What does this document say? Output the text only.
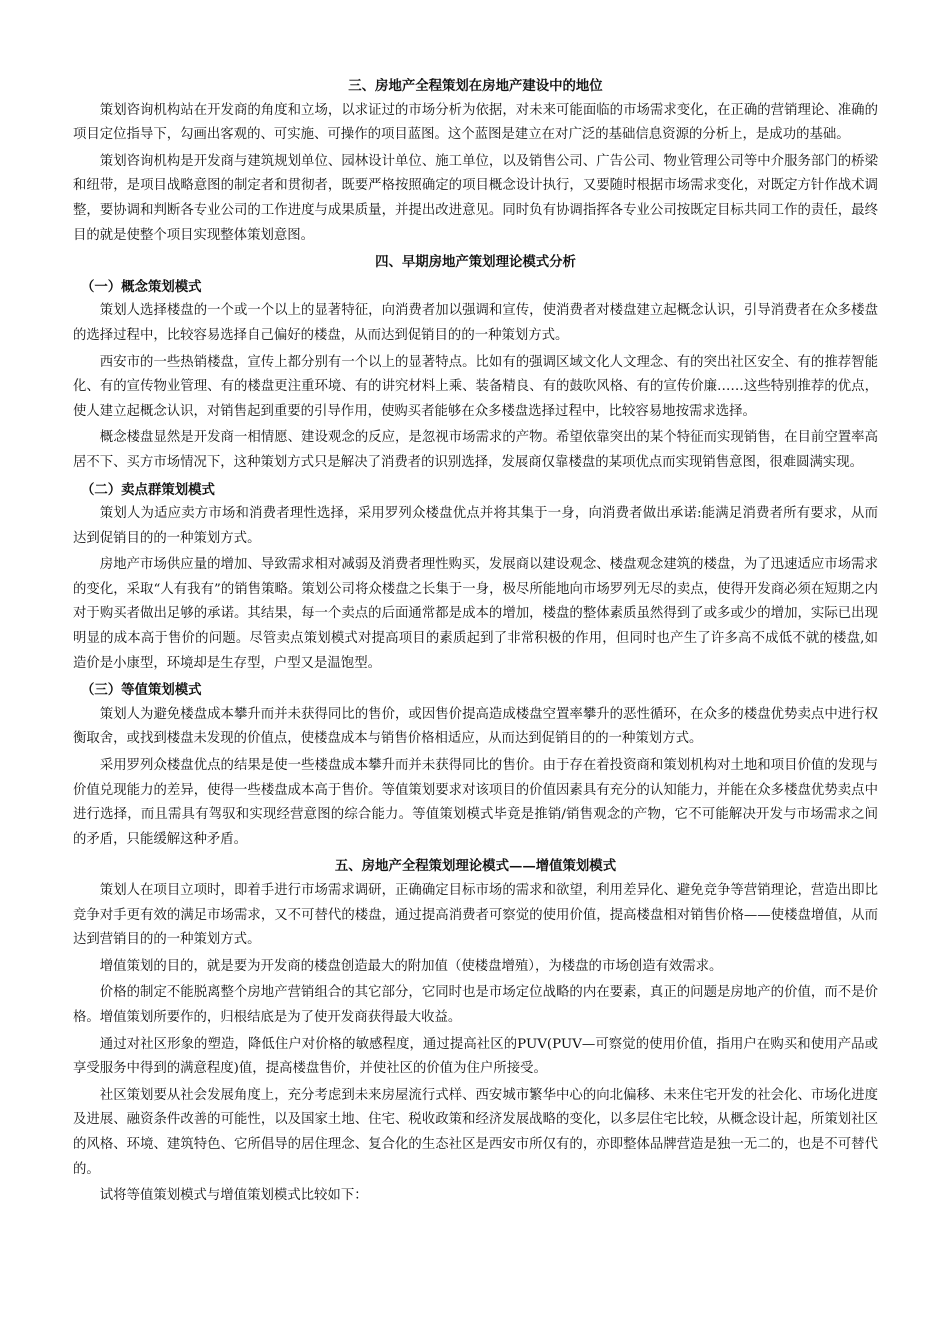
三、房地产全程策划在房地产建设中的地位

策划咨询机构站在开发商的角度和立场，以求证过的市场分析为依据，对未来可能面临的市场需求变化，在正确的营销理论、准确的项目定位指导下，勾画出客观的、可实施、可操作的项目蓝图。这个蓝图是建立在对广泛的基础信息资源的分析上，是成功的基础。

策划咨询机构是开发商与建筑规划单位、园林设计单位、施工单位，以及销售公司、广告公司、物业管理公司等中介服务部门的桥梁和纽带，是项目战略意图的制定者和贯彻者，既要严格按照确定的项目概念设计执行，又要随时根据市场需求变化，对既定方针作战术调整，要协调和判断各专业公司的工作进度与成果质量，并提出改进意见。同时负有协调指挥各专业公司按既定目标共同工作的责任，最终目的就是使整个项目实现整体策划意图。

四、早期房地产策划理论模式分析
（一）概念策划模式

策划人选择楼盘的一个或一个以上的显著特征，向消费者加以强调和宣传，使消费者对楼盘建立起概念认识，引导消费者在众多楼盘的选择过程中，比较容易选择自己偏好的楼盘，从而达到促销目的的一种策划方式。

西安市的一些热销楼盘，宣传上都分别有一个以上的显著特点。比如有的强调区域文化人文理念、有的突出社区安全、有的推荐智能化、有的宣传物业管理、有的楼盘更注重环境、有的讲究材料上乘、装备精良、有的鼓吹风格、有的宣传价廉……这些特别推荐的优点，使人建立起概念认识，对销售起到重要的引导作用，使购买者能够在众多楼盘选择过程中，比较容易地按需求选择。

概念楼盘显然是开发商一相情愿、建设观念的反应，是忽视市场需求的产物。希望依靠突出的某个特征而实现销售，在目前空置率高居不下、买方市场情况下，这种策划方式只是解决了消费者的识别选择，发展商仅靠楼盘的某项优点而实现销售意图，很难圆满实现。

（二）卖点群策划模式

策划人为适应卖方市场和消费者理性选择，采用罗列众楼盘优点并将其集于一身，向消费者做出承诺:能满足消费者所有要求，从而达到促销目的的一种策划方式。

房地产市场供应量的增加、导致需求相对减弱及消费者理性购买，发展商以建设观念、楼盘观念建筑的楼盘，为了迅速适应市场需求的变化，采取“人有我有”的销售策略。策划公司将众楼盘之长集于一身，极尽所能地向市场罗列无尽的卖点，使得开发商必须在短期之内对于购买者做出足够的承诺。其结果，每一个卖点的后面通常都是成本的增加，楼盘的整体素质虽然得到了或多或少的增加，实际已出现明显的成本高于售价的问题。尽管卖点策划模式对提高项目的素质起到了非常积极的作用，但同时也产生了许多高不成低不就的楼盘,如造价是小康型，环境却是生存型，户型又是温饱型。

（三）等值策划模式

策划人为避免楼盘成本攀升而并未获得同比的售价，或因售价提高造成楼盘空置率攀升的恶性循环，在众多的楼盘优势卖点中进行权衡取舍，或找到楼盘未发现的价值点，使楼盘成本与销售价格相适应，从而达到促销目的的一种策划方式。

采用罗列众楼盘优点的结果是使一些楼盘成本攀升而并未获得同比的售价。由于存在着投资商和策划机构对土地和项目价值的发现与价值兑现能力的差异，使得一些楼盘成本高于售价。等值策划要求对该项目的价值因素具有充分的认知能力，并能在众多楼盘优势卖点中进行选择，而且需具有驾驭和实现经营意图的综合能力。等值策划模式毕竟是推销/销售观念的产物，它不可能解决开发与市场需求之间的矛盾，只能缓解这种矛盾。

五、房地产全程策划理论模式——增值策划模式

策划人在项目立项时，即着手进行市场需求调研，正确确定目标市场的需求和欲望，利用差异化、避免竞争等营销理论，营造出即比竞争对手更有效的满足市场需求，又不可替代的楼盘，通过提高消费者可察觉的使用价值，提高楼盘相对销售价格——使楼盘增值，从而达到营销目的的一种策划方式。

增值策划的目的，就是要为开发商的楼盘创造最大的附加值（使楼盘增殖），为楼盘的市场创造有效需求。

价格的制定不能脱离整个房地产营销组合的其它部分，它同时也是市场定位战略的内在要素，真正的问题是房地产的价值，而不是价格。增值策划所要作的，归根结底是为了使开发商获得最大收益。

通过对社区形象的塑造，降低住户对价格的敏感程度，通过提高社区的PUV(PUV—可察觉的使用价值，指用户在购买和使用产品或享受服务中得到的满意程度)值，提高楼盘售价，并使社区的价值为住户所接受。

社区策划要从社会发展角度上，充分考虑到未来房屋流行式样、西安城市繁华中心的向北偏移、未来住宅开发的社会化、市场化进度及进展、融资条件改善的可能性，以及国家土地、住宅、税收政策和经济发展战略的变化，以多层住宅比较，从概念设计起，所策划社区的风格、环境、建筑特色、它所倡导的居住理念、复合化的生态社区是西安市所仅有的，亦即整体品牌营造是独一无二的，也是不可替代的。

试将等值策划模式与增值策划模式比较如下：
